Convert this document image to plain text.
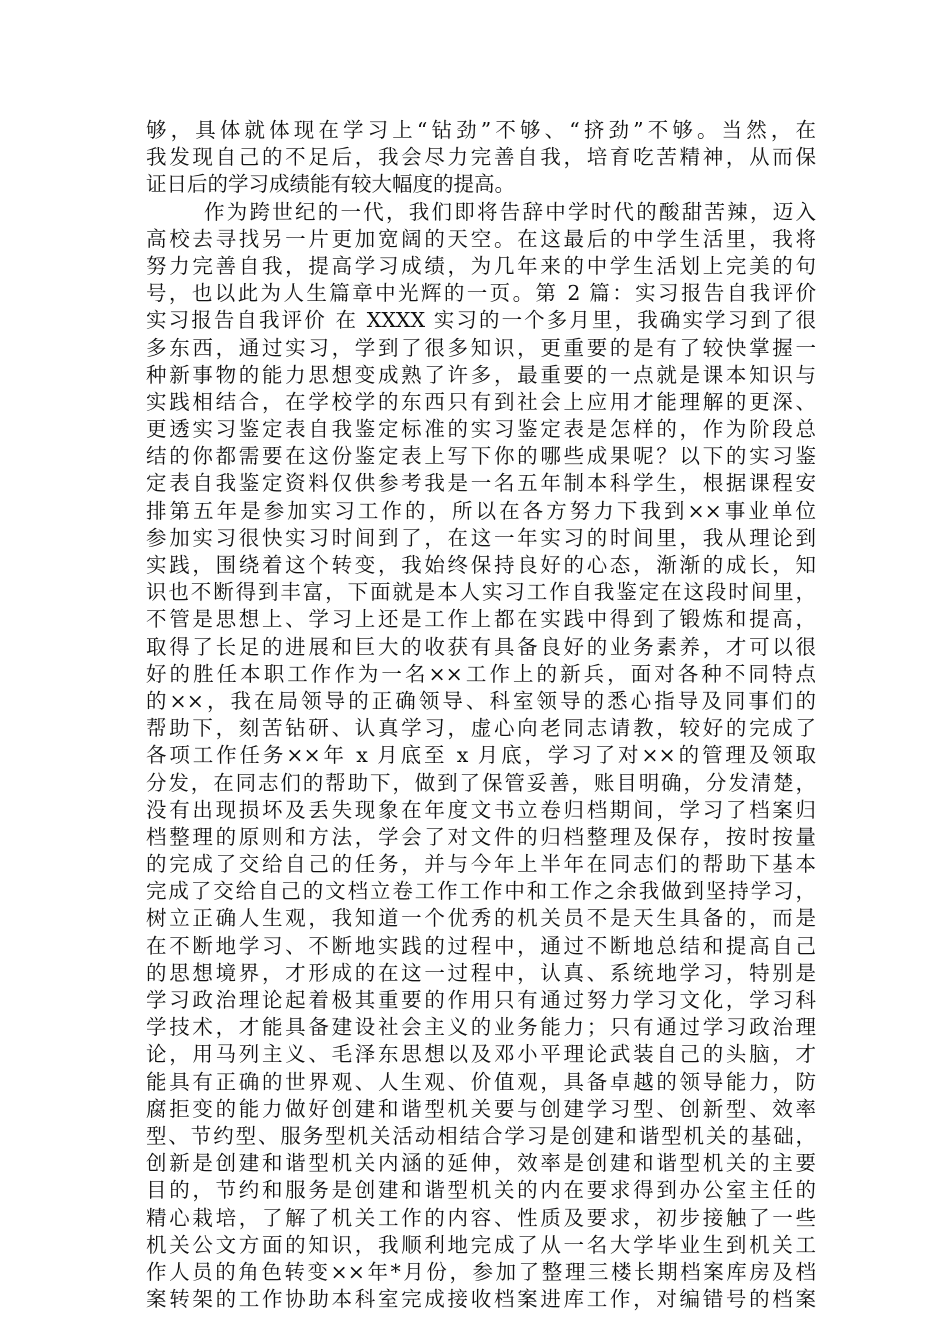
够，具体就体现在学习上“钻劲”不够、“挤劲”不够。当然，在
我发现自己的不足后，我会尽力完善自我，培育吃苦精神，从而保
证日后的学习成绩能有较大幅度的提高。
作为跨世纪的一代，我们即将告辞中学时代的酸甜苦辣，迈入
高校去寻找另一片更加宽阔的天空。在这最后的中学生活里，我将
努力完善自我，提高学习成绩，为几年来的中学生活划上完美的句
号，也以此为人生篇章中光辉的一页。第 2 篇：实习报告自我评价
实习报告自我评价 在 XXXX 实习的一个多月里，我确实学习到了很
多东西，通过实习，学到了很多知识，更重要的是有了较快掌握一
种新事物的能力思想变成熟了许多，最重要的一点就是课本知识与
实践相结合，在学校学的东西只有到社会上应用才能理解的更深、
更透实习鉴定表自我鉴定标准的实习鉴定表是怎样的，作为阶段总
结的你都需要在这份鉴定表上写下你的哪些成果呢？以下的实习鉴
定表自我鉴定资料仅供参考我是一名五年制本科学生，根据课程安
排第五年是参加实习工作的，所以在各方努力下我到××事业单位
参加实习很快实习时间到了，在这一年实习的时间里，我从理论到
实践，围绕着这个转变，我始终保持良好的心态，渐渐的成长，知
识也不断得到丰富，下面就是本人实习工作自我鉴定在这段时间里，
不管是思想上、学习上还是工作上都在实践中得到了锻炼和提高，
取得了长足的进展和巨大的收获有具备良好的业务素养，才可以很
好的胜任本职工作作为一名××工作上的新兵，面对各种不同特点
的××，我在局领导的正确领导、科室领导的悉心指导及同事们的
帮助下，刻苦钻研、认真学习，虚心向老同志请教，较好的完成了
各项工作任务××年 x 月底至 x 月底，学习了对××的管理及领取
分发，在同志们的帮助下，做到了保管妥善，账目明确，分发清楚，
没有出现损坏及丢失现象在年度文书立卷归档期间，学习了档案归
档整理的原则和方法，学会了对文件的归档整理及保存，按时按量
的完成了交给自己的任务，并与今年上半年在同志们的帮助下基本
完成了交给自己的文档立卷工作工作中和工作之余我做到坚持学习，
树立正确人生观，我知道一个优秀的机关员不是天生具备的，而是
在不断地学习、不断地实践的过程中，通过不断地总结和提高自己
的思想境界，才形成的在这一过程中，认真、系统地学习，特别是
学习政治理论起着极其重要的作用只有通过努力学习文化，学习科
学技术，才能具备建设社会主义的业务能力；只有通过学习政治理
论，用马列主义、毛泽东思想以及邓小平理论武装自己的头脑，才
能具有正确的世界观、人生观、价值观，具备卓越的领导能力，防
腐拒变的能力做好创建和谐型机关要与创建学习型、创新型、效率
型、节约型、服务型机关活动相结合学习是创建和谐型机关的基础，
创新是创建和谐型机关内涵的延伸，效率是创建和谐型机关的主要
目的，节约和服务是创建和谐型机关的内在要求得到办公室主任的
精心栽培，了解了机关工作的内容、性质及要求，初步接触了一些
机关公文方面的知识，我顺利地完成了从一名大学毕业生到机关工
作人员的角色转变××年*月份，参加了整理三楼长期档案库房及档
案转架的工作协助本科室完成接收档案进库工作，对编错号的档案
